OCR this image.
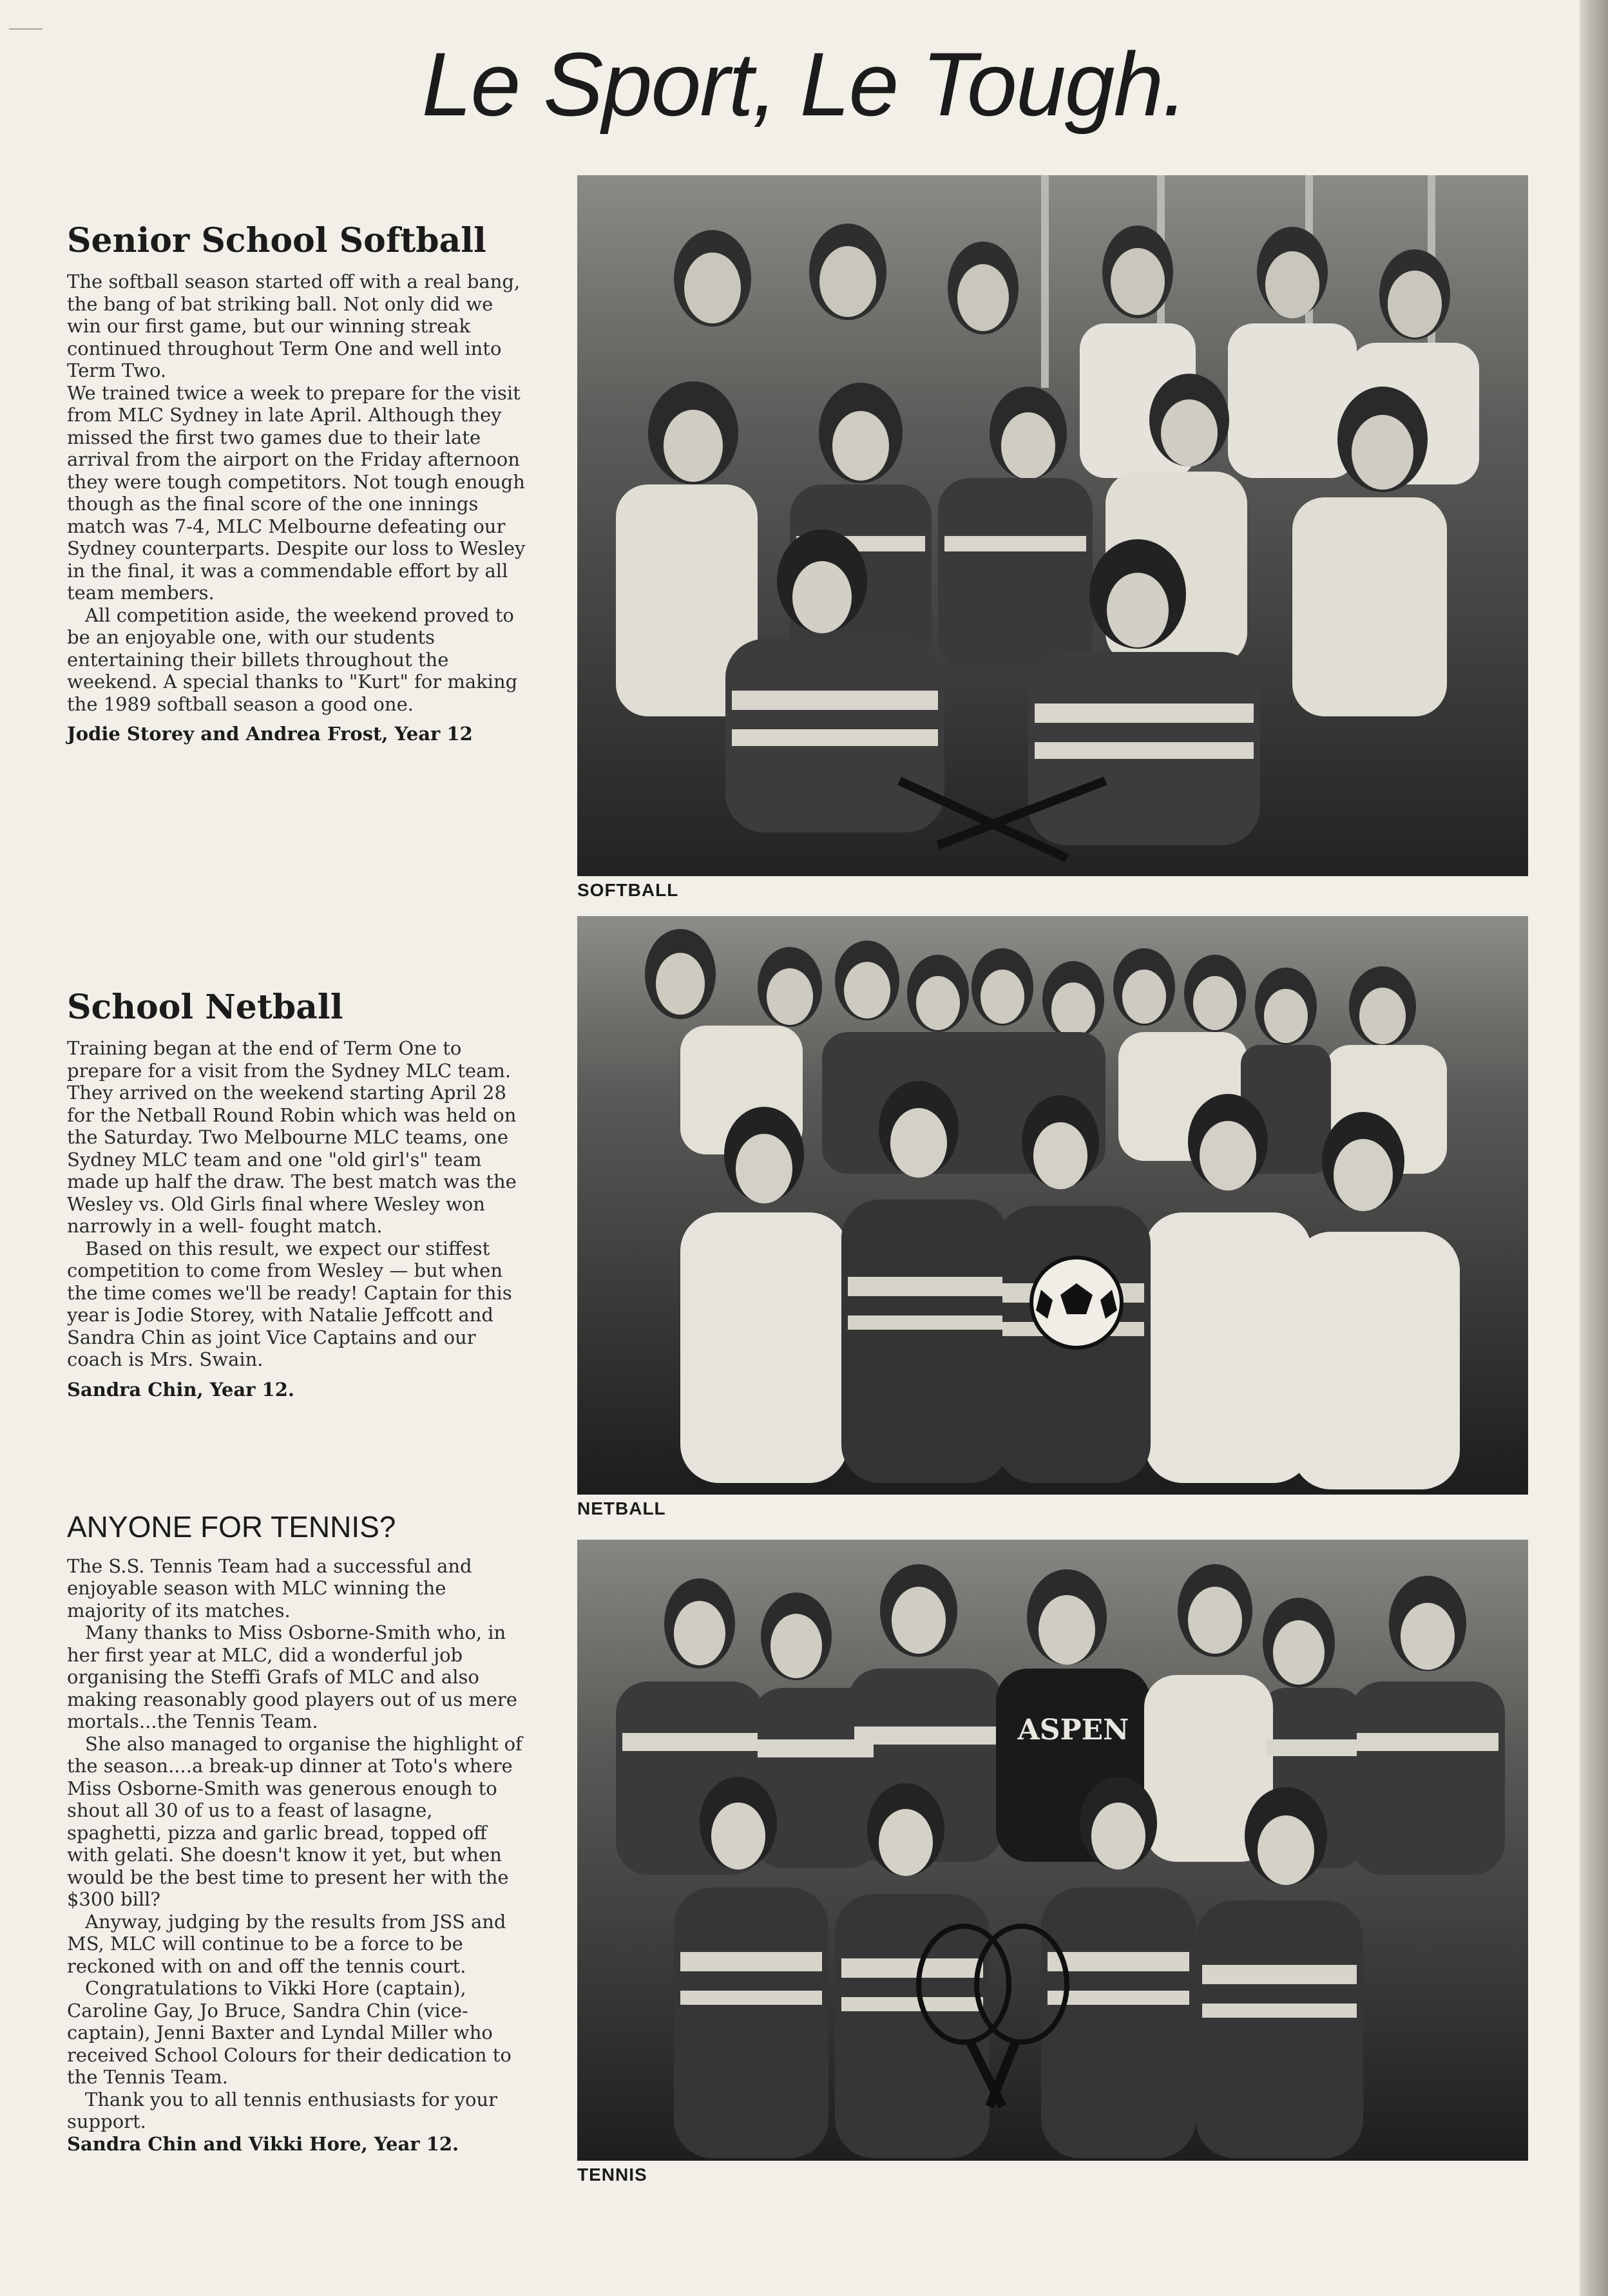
Le Sport, Le Tough.
Senior School Softball

The softball season started off with a real bang, the bang of bat striking ball. Not only did we win our first game, but our winning streak continued throughout Term One and well into Term Two.

We trained twice a week to prepare for the visit from MLC Sydney in late April. Although they missed the first two games due to their late arrival from the airport on the Friday afternoon they were tough competitors. Not tough enough though as the final score of the one innings match was 7-4, MLC Melbourne defeating our Sydney counterparts. Despite our loss to Wesley in the final, it was a commendable effort by all team members.

All competition aside, the weekend proved to be an enjoyable one, with our students entertaining their billets throughout the weekend. A special thanks to "Kurt" for making the 1989 softball season a good one.

Jodie Storey and Andrea Frost, Year 12

School Netball

Training began at the end of Term One to prepare for a visit from the Sydney MLC team. They arrived on the weekend starting April 28 for the Netball Round Robin which was held on the Saturday. Two Melbourne MLC teams, one Sydney MLC team and one "old girl's" team made up half the draw. The best match was the Wesley vs. Old Girls final where Wesley won narrowly in a well- fought match.

Based on this result, we expect our stiffest competition to come from Wesley — but when the time comes we'll be ready! Captain for this year is Jodie Storey, with Natalie Jeffcott and Sandra Chin as joint Vice Captains and our coach is Mrs. Swain.

Sandra Chin, Year 12.

ANYONE FOR TENNIS?

The S.S. Tennis Team had a successful and enjoyable season with MLC winning the majority of its matches.

Many thanks to Miss Osborne-Smith who, in her first year at MLC, did a wonderful job organising the Steffi Grafs of MLC and also making reasonably good players out of us mere mortals...the Tennis Team.

She also managed to organise the highlight of the season....a break-up dinner at Toto's where Miss Osborne-Smith was generous enough to shout all 30 of us to a feast of lasagne, spaghetti, pizza and garlic bread, topped off with gelati. She doesn't know it yet, but when would be the best time to present her with the $300 bill?

Anyway, judging by the results from JSS and MS, MLC will continue to be a force to be reckoned with on and off the tennis court.

Congratulations to Vikki Hore (captain), Caroline Gay, Jo Bruce, Sandra Chin (vice-captain), Jenni Baxter and Lyndal Miller who received School Colours for their dedication to the Tennis Team.

Thank you to all tennis enthusiasts for your support.

Sandra Chin and Vikki Hore, Year 12.

SOFTBALL
NETBALL
ASPEN
TENNIS
